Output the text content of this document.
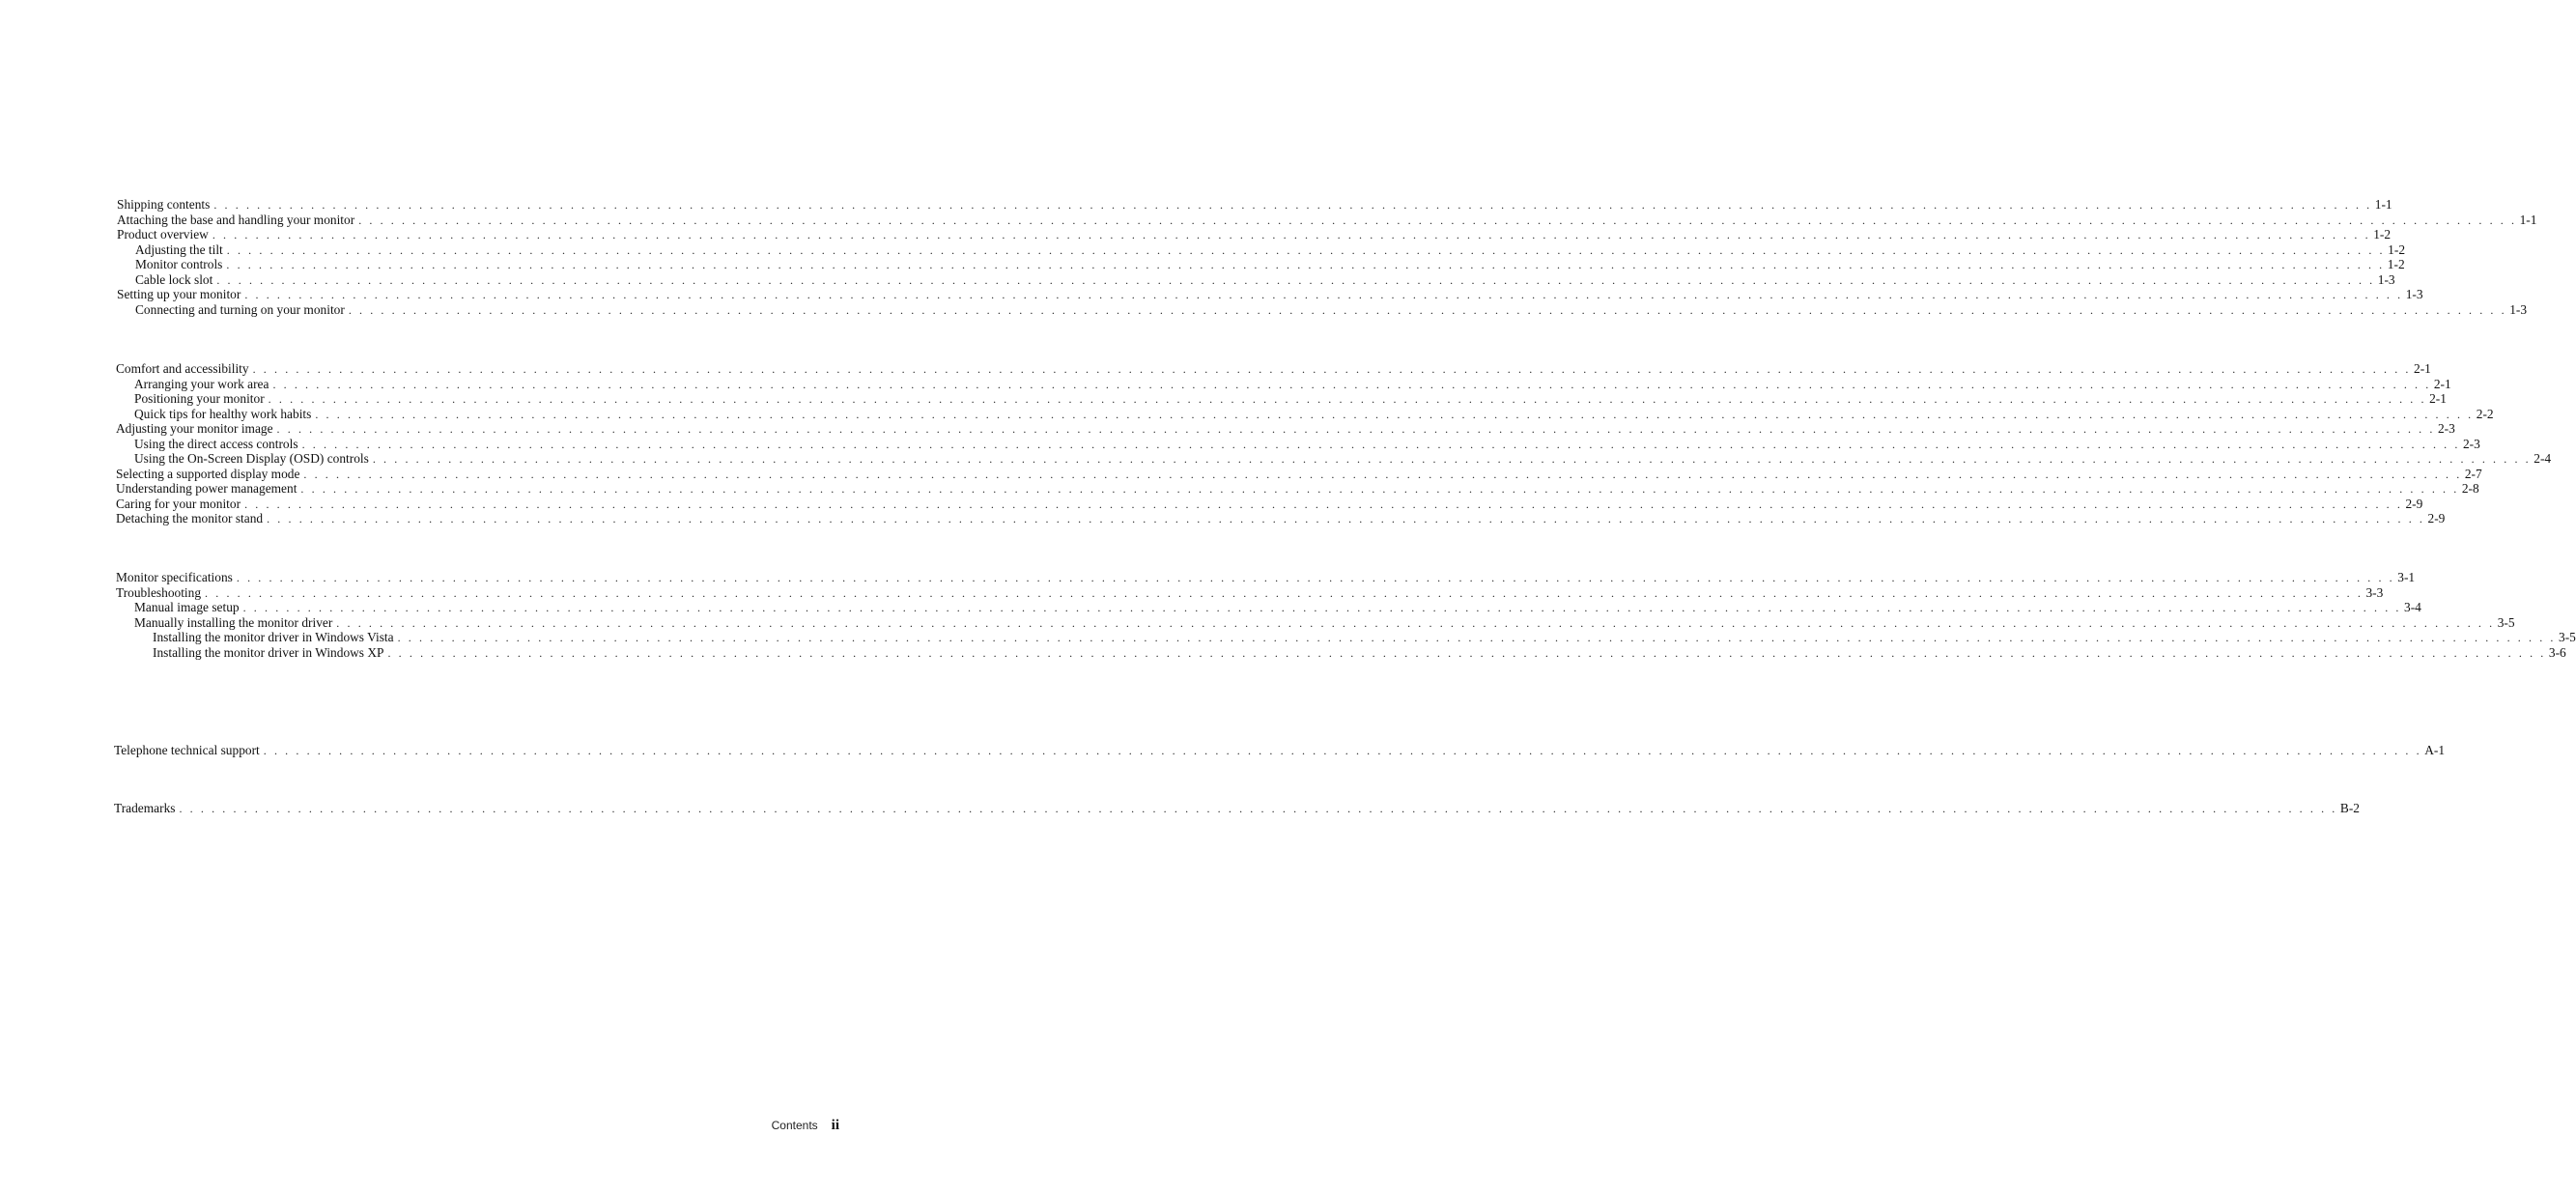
Shipping contents . . . . . . . . . . . . . . . . . . . . . . . . . . . . . . . . . . . . . . . . . . . . . . . . . . . . . . . . . . . . . . . . . . . . . . . . . . . . . . . . . . . . . . . . . . . . . . . . . . . . . . . . . . . . . . . . . . . . . . . . . . . . . . . . . . . . . . . . . . . . . . . . . . . . . . . . . . . . . . . . . . . . . . . . . . . . . . . . . . . . . . . . . . . . . . . . . . . . . . . . 1-1
Attaching the base and handling your monitor . . . . . . . . . . . . . . . . . . . . . . . . . . . . . . . . . . . . . . . . . . . . . . . . . . . . . . . . . . . . . . . . . . . . . . . . . . . . . . . . . . . . . . . . . . . . . . . . . . . . . . . . . . . . . . . . . . . . . . . . . . . . . . . . . . . . . . . . . . . . . . . . . . . . . . . . . . . . . . . . . . . . . . . . . . . . . . . . . . . . . . . . . . . . . . . . . . . . . . . . 1-1
Product overview . . . . . . . . . . . . . . . . . . . . . . . . . . . . . . . . . . . . . . . . . . . . . . . . . . . . . . . . . . . . . . . . . . . . . . . . . . . . . . . . . . . . . . . . . . . . . . . . . . . . . . . . . . . . . . . . . . . . . . . . . . . . . . . . . . . . . . . . . . . . . . . . . . . . . . . . . . . . . . . . . . . . . . . . . . . . . . . . . . . . . . . . . . . . . . . . . . . . . . . . 1-2
Adjusting the tilt . . . . . . . . . . . . . . . . . . . . . . . . . . . . . . . . . . . . . . . . . . . . . . . . . . . . . . . . . . . . . . . . . . . . . . . . . . . . . . . . . . . . . . . . . . . . . . . . . . . . . . . . . . . . . . . . . . . . . . . . . . . . . . . . . . . . . . . . . . . . . . . . . . . . . . . . . . . . . . . . . . . . . . . . . . . . . . . . . . . . . . . . . . . . . . . . . . . . . . . . 1-2
Monitor controls . . . . . . . . . . . . . . . . . . . . . . . . . . . . . . . . . . . . . . . . . . . . . . . . . . . . . . . . . . . . . . . . . . . . . . . . . . . . . . . . . . . . . . . . . . . . . . . . . . . . . . . . . . . . . . . . . . . . . . . . . . . . . . . . . . . . . . . . . . . . . . . . . . . . . . . . . . . . . . . . . . . . . . . . . . . . . . . . . . . . . . . . . . . . . . . . . . . . . . . . 1-2
Cable lock slot . . . . . . . . . . . . . . . . . . . . . . . . . . . . . . . . . . . . . . . . . . . . . . . . . . . . . . . . . . . . . . . . . . . . . . . . . . . . . . . . . . . . . . . . . . . . . . . . . . . . . . . . . . . . . . . . . . . . . . . . . . . . . . . . . . . . . . . . . . . . . . . . . . . . . . . . . . . . . . . . . . . . . . . . . . . . . . . . . . . . . . . . . . . . . . . . . . . . . . . . 1-3
Setting up your monitor . . . . . . . . . . . . . . . . . . . . . . . . . . . . . . . . . . . . . . . . . . . . . . . . . . . . . . . . . . . . . . . . . . . . . . . . . . . . . . . . . . . . . . . . . . . . . . . . . . . . . . . . . . . . . . . . . . . . . . . . . . . . . . . . . . . . . . . . . . . . . . . . . . . . . . . . . . . . . . . . . . . . . . . . . . . . . . . . . . . . . . . . . . . . . . . . . . . . . . . . 1-3
Connecting and turning on your monitor . . . . . . . . . . . . . . . . . . . . . . . . . . . . . . . . . . . . . . . . . . . . . . . . . . . . . . . . . . . . . . . . . . . . . . . . . . . . . . . . . . . . . . . . . . . . . . . . . . . . . . . . . . . . . . . . . . . . . . . . . . . . . . . . . . . . . . . . . . . . . . . . . . . . . . . . . . . . . . . . . . . . . . . . . . . . . . . . . . . . . . . . . . . . . . . . . . . . . . . . 1-3
Comfort and accessibility . . . . . . . . . . . . . . . . . . . . . . . . . . . . . . . . . . . . . . . . . . . . . . . . . . . . . . . . . . . . . . . . . . . . . . . . . . . . . . . . . . . . . . . . . . . . . . . . . . . . . . . . . . . . . . . . . . . . . . . . . . . . . . . . . . . . . . . . . . . . . . . . . . . . . . . . . . . . . . . . . . . . . . . . . . . . . . . . . . . . . . . . . . . . . . . . . . . . . . . . 2-1
Arranging your work area . . . . . . . . . . . . . . . . . . . . . . . . . . . . . . . . . . . . . . . . . . . . . . . . . . . . . . . . . . . . . . . . . . . . . . . . . . . . . . . . . . . . . . . . . . . . . . . . . . . . . . . . . . . . . . . . . . . . . . . . . . . . . . . . . . . . . . . . . . . . . . . . . . . . . . . . . . . . . . . . . . . . . . . . . . . . . . . . . . . . . . . . . . . . . . . . . . . . . . . . 2-1
Positioning your monitor . . . . . . . . . . . . . . . . . . . . . . . . . . . . . . . . . . . . . . . . . . . . . . . . . . . . . . . . . . . . . . . . . . . . . . . . . . . . . . . . . . . . . . . . . . . . . . . . . . . . . . . . . . . . . . . . . . . . . . . . . . . . . . . . . . . . . . . . . . . . . . . . . . . . . . . . . . . . . . . . . . . . . . . . . . . . . . . . . . . . . . . . . . . . . . . . . . . . . . . . 2-1
Quick tips for healthy work habits . . . . . . . . . . . . . . . . . . . . . . . . . . . . . . . . . . . . . . . . . . . . . . . . . . . . . . . . . . . . . . . . . . . . . . . . . . . . . . . . . . . . . . . . . . . . . . . . . . . . . . . . . . . . . . . . . . . . . . . . . . . . . . . . . . . . . . . . . . . . . . . . . . . . . . . . . . . . . . . . . . . . . . . . . . . . . . . . . . . . . . . . . . . . . . . . . . . . . . . . 2-2
Adjusting your monitor image . . . . . . . . . . . . . . . . . . . . . . . . . . . . . . . . . . . . . . . . . . . . . . . . . . . . . . . . . . . . . . . . . . . . . . . . . . . . . . . . . . . . . . . . . . . . . . . . . . . . . . . . . . . . . . . . . . . . . . . . . . . . . . . . . . . . . . . . . . . . . . . . . . . . . . . . . . . . . . . . . . . . . . . . . . . . . . . . . . . . . . . . . . . . . . . . . . . . . . . . 2-3
Using the direct access controls . . . . . . . . . . . . . . . . . . . . . . . . . . . . . . . . . . . . . . . . . . . . . . . . . . . . . . . . . . . . . . . . . . . . . . . . . . . . . . . . . . . . . . . . . . . . . . . . . . . . . . . . . . . . . . . . . . . . . . . . . . . . . . . . . . . . . . . . . . . . . . . . . . . . . . . . . . . . . . . . . . . . . . . . . . . . . . . . . . . . . . . . . . . . . . . . . . . . . . . . 2-3
Using the On-Screen Display (OSD) controls . . . . . . . . . . . . . . . . . . . . . . . . . . . . . . . . . . . . . . . . . . . . . . . . . . . . . . . . . . . . . . . . . . . . . . . . . . . . . . . . . . . . . . . . . . . . . . . . . . . . . . . . . . . . . . . . . . . . . . . . . . . . . . . . . . . . . . . . . . . . . . . . . . . . . . . . . . . . . . . . . . . . . . . . . . . . . . . . . . . . . . . . . . . . . . . . . . . . . . . . 2-4
Selecting a supported display mode . . . . . . . . . . . . . . . . . . . . . . . . . . . . . . . . . . . . . . . . . . . . . . . . . . . . . . . . . . . . . . . . . . . . . . . . . . . . . . . . . . . . . . . . . . . . . . . . . . . . . . . . . . . . . . . . . . . . . . . . . . . . . . . . . . . . . . . . . . . . . . . . . . . . . . . . . . . . . . . . . . . . . . . . . . . . . . . . . . . . . . . . . . . . . . . . . . . . . . . . 2-7
Understanding power management . . . . . . . . . . . . . . . . . . . . . . . . . . . . . . . . . . . . . . . . . . . . . . . . . . . . . . . . . . . . . . . . . . . . . . . . . . . . . . . . . . . . . . . . . . . . . . . . . . . . . . . . . . . . . . . . . . . . . . . . . . . . . . . . . . . . . . . . . . . . . . . . . . . . . . . . . . . . . . . . . . . . . . . . . . . . . . . . . . . . . . . . . . . . . . . . . . . . . . . . 2-8
Caring for your monitor . . . . . . . . . . . . . . . . . . . . . . . . . . . . . . . . . . . . . . . . . . . . . . . . . . . . . . . . . . . . . . . . . . . . . . . . . . . . . . . . . . . . . . . . . . . . . . . . . . . . . . . . . . . . . . . . . . . . . . . . . . . . . . . . . . . . . . . . . . . . . . . . . . . . . . . . . . . . . . . . . . . . . . . . . . . . . . . . . . . . . . . . . . . . . . . . . . . . . . . . 2-9
Detaching the monitor stand . . . . . . . . . . . . . . . . . . . . . . . . . . . . . . . . . . . . . . . . . . . . . . . . . . . . . . . . . . . . . . . . . . . . . . . . . . . . . . . . . . . . . . . . . . . . . . . . . . . . . . . . . . . . . . . . . . . . . . . . . . . . . . . . . . . . . . . . . . . . . . . . . . . . . . . . . . . . . . . . . . . . . . . . . . . . . . . . . . . . . . . . . . . . . . . . . . . . . . . . 2-9
Monitor specifications . . . . . . . . . . . . . . . . . . . . . . . . . . . . . . . . . . . . . . . . . . . . . . . . . . . . . . . . . . . . . . . . . . . . . . . . . . . . . . . . . . . . . . . . . . . . . . . . . . . . . . . . . . . . . . . . . . . . . . . . . . . . . . . . . . . . . . . . . . . . . . . . . . . . . . . . . . . . . . . . . . . . . . . . . . . . . . . . . . . . . . . . . . . . . . . . . . . . . . . . 3-1
Troubleshooting . . . . . . . . . . . . . . . . . . . . . . . . . . . . . . . . . . . . . . . . . . . . . . . . . . . . . . . . . . . . . . . . . . . . . . . . . . . . . . . . . . . . . . . . . . . . . . . . . . . . . . . . . . . . . . . . . . . . . . . . . . . . . . . . . . . . . . . . . . . . . . . . . . . . . . . . . . . . . . . . . . . . . . . . . . . . . . . . . . . . . . . . . . . . . . . . . . . . . . . . 3-3
Manual image setup . . . . . . . . . . . . . . . . . . . . . . . . . . . . . . . . . . . . . . . . . . . . . . . . . . . . . . . . . . . . . . . . . . . . . . . . . . . . . . . . . . . . . . . . . . . . . . . . . . . . . . . . . . . . . . . . . . . . . . . . . . . . . . . . . . . . . . . . . . . . . . . . . . . . . . . . . . . . . . . . . . . . . . . . . . . . . . . . . . . . . . . . . . . . . . . . . . . . . . . . 3-4
Manually installing the monitor driver . . . . . . . . . . . . . . . . . . . . . . . . . . . . . . . . . . . . . . . . . . . . . . . . . . . . . . . . . . . . . . . . . . . . . . . . . . . . . . . . . . . . . . . . . . . . . . . . . . . . . . . . . . . . . . . . . . . . . . . . . . . . . . . . . . . . . . . . . . . . . . . . . . . . . . . . . . . . . . . . . . . . . . . . . . . . . . . . . . . . . . . . . . . . . . . . . . . . . . . . 3-5
Installing the monitor driver in Windows Vista . . . . . . . . . . . . . . . . . . . . . . . . . . . . . . . . . . . . . . . . . . . . . . . . . . . . . . . . . . . . . . . . . . . . . . . . . . . . . . . . . . . . . . . . . . . . . . . . . . . . . . . . . . . . . . . . . . . . . . . . . . . . . . . . . . . . . . . . . . . . . . . . . . . . . . . . . . . . . . . . . . . . . . . . . . . . . . . . . . . . . . . . . . . . . . . . . . . . . . . . 3-5
Installing the monitor driver in Windows XP . . . . . . . . . . . . . . . . . . . . . . . . . . . . . . . . . . . . . . . . . . . . . . . . . . . . . . . . . . . . . . . . . . . . . . . . . . . . . . . . . . . . . . . . . . . . . . . . . . . . . . . . . . . . . . . . . . . . . . . . . . . . . . . . . . . . . . . . . . . . . . . . . . . . . . . . . . . . . . . . . . . . . . . . . . . . . . . . . . . . . . . . . . . . . . . . . . . . . . . . 3-6
Telephone technical support . . . . . . . . . . . . . . . . . . . . . . . . . . . . . . . . . . . . . . . . . . . . . . . . . . . . . . . . . . . . . . . . . . . . . . . . . . . . . . . . . . . . . . . . . . . . . . . . . . . . . . . . . . . . . . . . . . . . . . . . . . . . . . . . . . . . . . . . . . . . . . . . . . . . . . . . . . . . . . . . . . . . . . . . . . . . . . . . . . . . . . . . . . . . . . . . . . . . . . . . A-1
Trademarks . . . . . . . . . . . . . . . . . . . . . . . . . . . . . . . . . . . . . . . . . . . . . . . . . . . . . . . . . . . . . . . . . . . . . . . . . . . . . . . . . . . . . . . . . . . . . . . . . . . . . . . . . . . . . . . . . . . . . . . . . . . . . . . . . . . . . . . . . . . . . . . . . . . . . . . . . . . . . . . . . . . . . . . . . . . . . . . . . . . . . . . . . . . . . . . . . . . . . . . . B-2
Contents ii
